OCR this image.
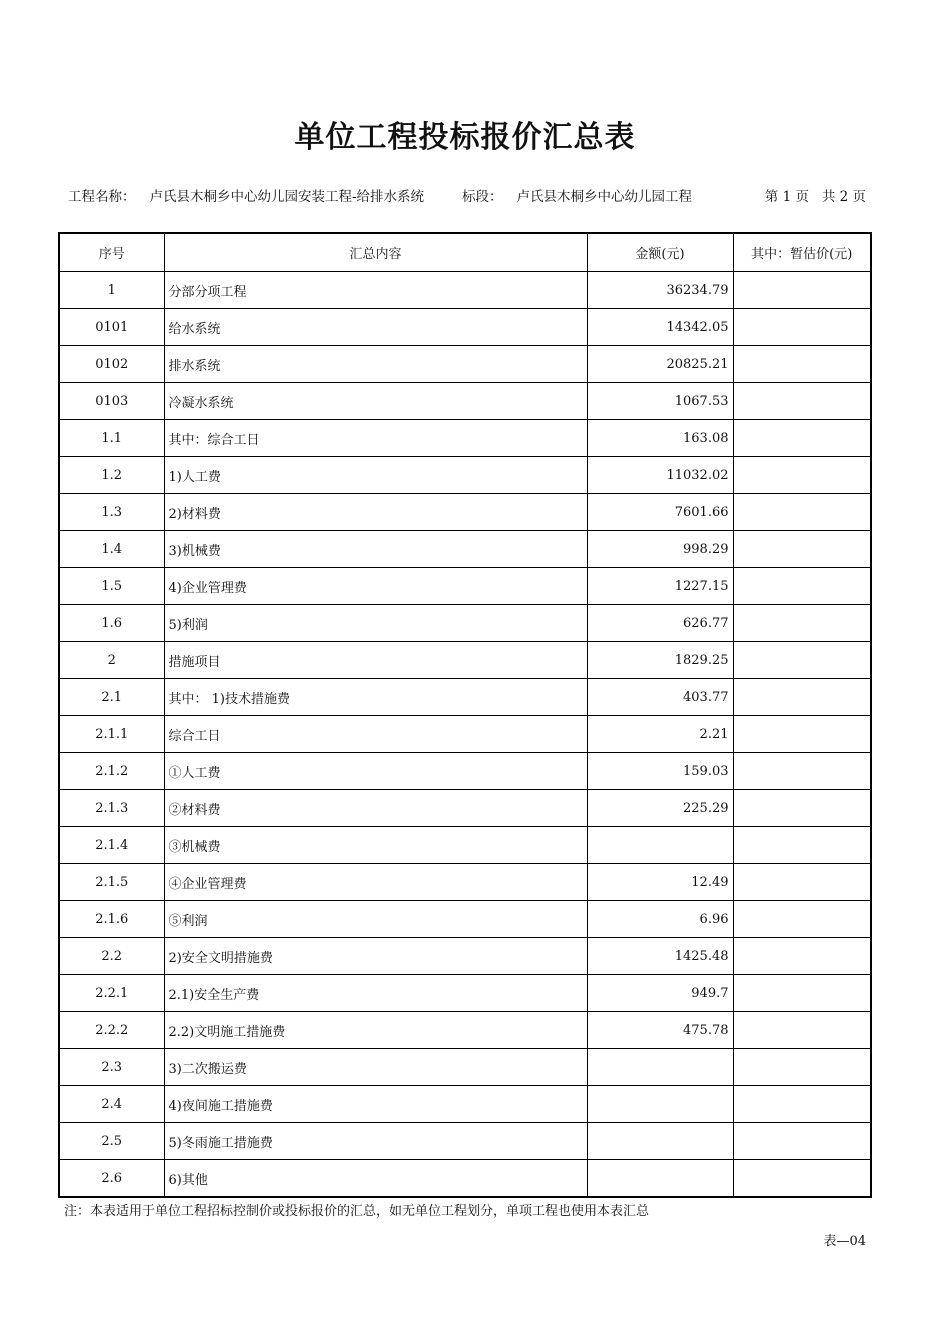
单位工程投标报价汇总表
工程名称： 卢氏县木桐乡中心幼儿园安装工程-给排水系统	标段： 卢氏县木桐乡中心幼儿园工程	第 1 页   共 2 页
序号	汇总内容	金额(元)	其中：暂估价(元)
1	分部分项工程	36234.79	
0101	给水系统	14342.05	
0102	排水系统	20825.21	
0103	冷凝水系统	1067.53	
1.1	其中：综合工日	163.08	
1.2	1)人工费	11032.02	
1.3	2)材料费	7601.66	
1.4	3)机械费	998.29	
1.5	4)企业管理费	1227.15	
1.6	5)利润	626.77	
2	措施项目	1829.25	
2.1	其中： 1)技术措施费	403.77	
2.1.1	综合工日	2.21	
2.1.2	①人工费	159.03	
2.1.3	②材料费	225.29	
2.1.4	③机械费		
2.1.5	④企业管理费	12.49	
2.1.6	⑤利润	6.96	
2.2	2)安全文明措施费	1425.48	
2.2.1	2.1)安全生产费	949.7	
2.2.2	2.2)文明施工措施费	475.78	
2.3	3)二次搬运费		
2.4	4)夜间施工措施费		
2.5	5)冬雨施工措施费		
2.6	6)其他		
注：本表适用于单位工程招标控制价或投标报价的汇总，如无单位工程划分，单项工程也使用本表汇总
表—04
